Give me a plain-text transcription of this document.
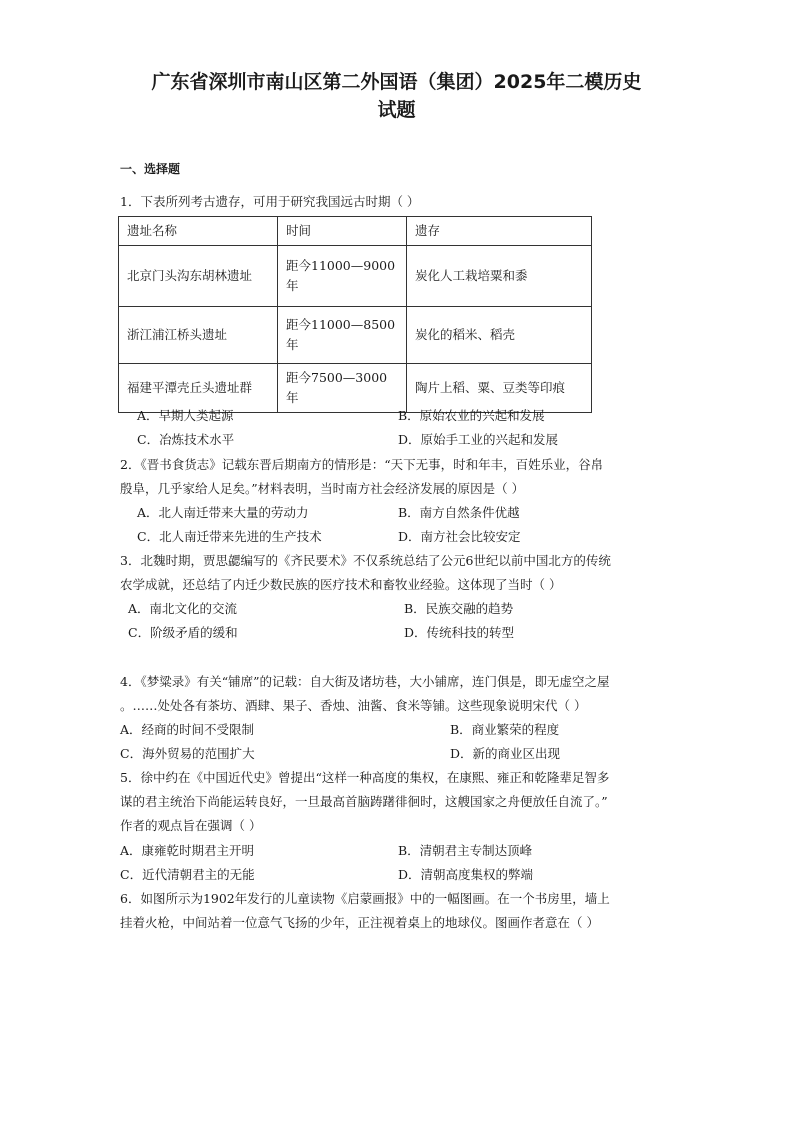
广东省深圳市南山区第二外国语（集团）2025年二模历史
试题
一、选择题
1．下表所列考古遗存，可用于研究我国远古时期（ ）
遗址名称	时间	遗存
北京门头沟东胡林遗址	距今11000—9000年	炭化人工栽培粟和黍
浙江浦江桥头遗址	距今11000—8500年	炭化的稻米、稻壳
福建平潭壳丘头遗址群	距今7500—3000年	陶片上稻、粟、豆类等印痕
A．早期人类起源	B．原始农业的兴起和发展
C．冶炼技术水平	D．原始手工业的兴起和发展
2．《晋书食货志》记载东晋后期南方的情形是：“天下无事，时和年丰，百姓乐业，谷帛
殷阜，几乎家给人足矣。”材料表明，当时南方社会经济发展的原因是（ ）
A．北人南迁带来大量的劳动力	B．南方自然条件优越
C．北人南迁带来先进的生产技术	D．南方社会比较安定
3．北魏时期，贾思勰编写的《齐民要术》不仅系统总结了公元6世纪以前中国北方的传统
农学成就，还总结了内迁少数民族的医疗技术和畜牧业经验。这体现了当时（ ）
A．南北文化的交流	B．民族交融的趋势
C．阶级矛盾的缓和	D．传统科技的转型
4．《梦粱录》有关“铺席”的记载：自大街及诸坊巷，大小铺席，连门俱是，即无虚空之屋
。……处处各有茶坊、酒肆、果子、香烛、油酱、食米等铺。这些现象说明宋代（ ）
A．经商的时间不受限制	B．商业繁荣的程度
C．海外贸易的范围扩大	D．新的商业区出现
5．徐中约在《中国近代史》曾提出“这样一种高度的集权，在康熙、雍正和乾隆辈足智多
谋的君主统治下尚能运转良好，一旦最高首脑踌躇徘徊时，这艘国家之舟便放任自流了。”
作者的观点旨在强调（ ）
A．康雍乾时期君主开明	B．清朝君主专制达顶峰
C．近代清朝君主的无能	D．清朝高度集权的弊端
6．如图所示为1902年发行的儿童读物《启蒙画报》中的一幅图画。在一个书房里，墙上
挂着火枪，中间站着一位意气飞扬的少年，正注视着桌上的地球仪。图画作者意在（ ）
